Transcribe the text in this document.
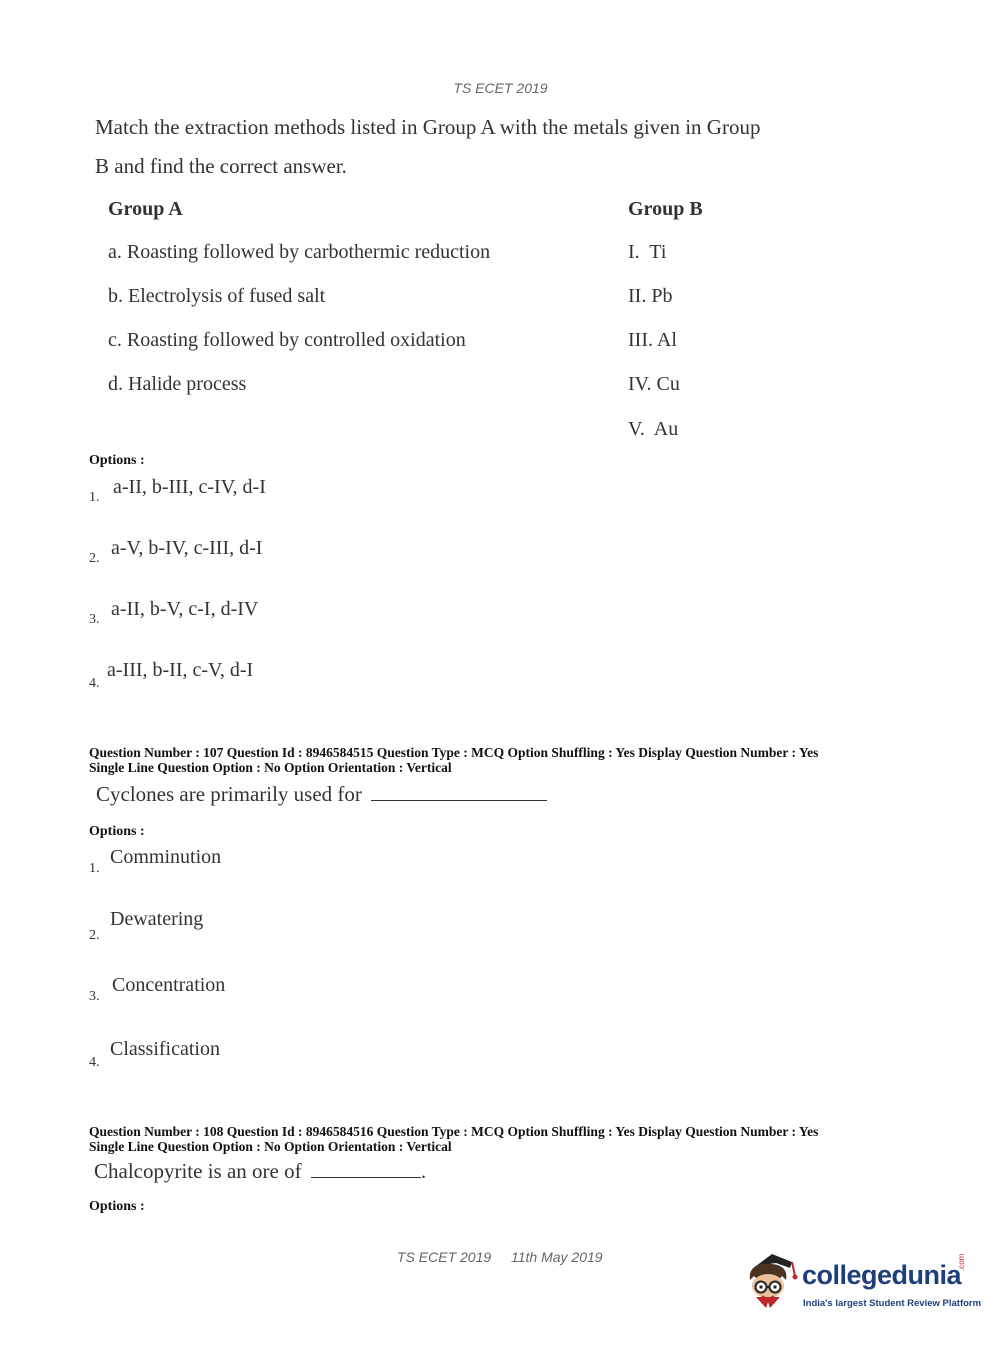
TS ECET 2019
Match the extraction methods listed in Group A with the metals given in Group
B and find the correct answer.
Group A
a. Roasting followed by carbothermic reduction
b. Electrolysis of fused salt
c. Roasting followed by controlled oxidation
d. Halide process
Group B
I.  Ti
II. Pb
III. Al
IV. Cu
V.  Au
Options :
1. a-II, b-III, c-IV, d-I
2. a-V, b-IV, c-III, d-I
3. a-II, b-V, c-I, d-IV
4.
a-III, b-II, c-V, d-I
Question Number : 107 Question Id : 8946584515 Question Type : MCQ Option Shuffling : Yes Display Question Number : Yes
Single Line Question Option : No Option Orientation : Vertical
Cyclones are primarily used for
Options :
1.
Comminution
2.
Dewatering
3.
Concentration
4.
Classification
Question Number : 108 Question Id : 8946584516 Question Type : MCQ Option Shuffling : Yes Display Question Number : Yes
Single Line Question Option : No Option Orientation : Vertical
Chalcopyrite is an ore of	.
Options :
TS ECET 2019 11th May 2019
collegedunia
.com
India's largest Student Review Platform
